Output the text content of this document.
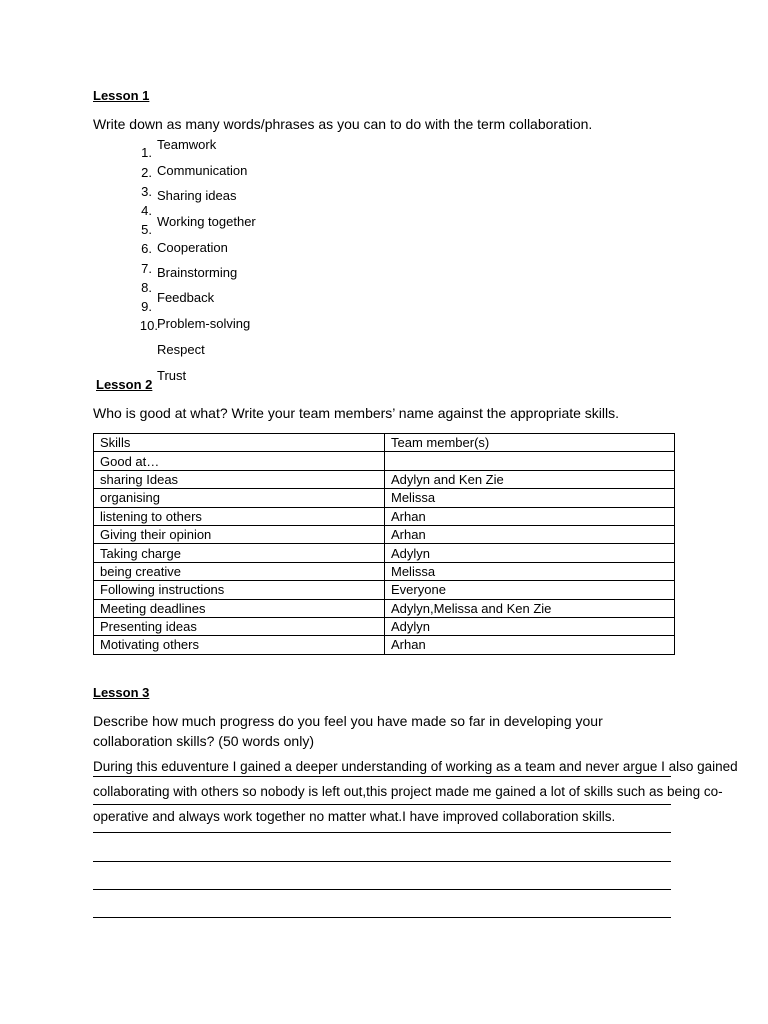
Lesson 1
Write down as many words/phrases as you can to do with the term collaboration.
1.
2.
3.
4.
5.
6.
7.
8.
9.
10.
Teamwork
Communication
Sharing ideas
Working together
Cooperation
Brainstorming
Feedback
Problem-solving
Respect
Trust
Lesson 2
Who is good at what? Write your team members’ name against the appropriate skills.
Skills	Team member(s)
Good at…	
sharing Ideas	Adylyn and Ken Zie
organising	Melissa
listening to others	Arhan
Giving their opinion	Arhan
Taking charge	Adylyn
being creative	Melissa
Following instructions	Everyone
Meeting deadlines	Adylyn,Melissa and Ken Zie
Presenting ideas	Adylyn
Motivating others	Arhan
Lesson 3
Describe how much progress do you feel you have made so far in developing your
collaboration skills? (50 words only)
During this eduventure I gained a deeper understanding of working as a team and never argue I also gained
collaborating with others so nobody is left out,this project made me gained a lot of skills such as being co-
operative and always work together no matter what.I have improved collaboration skills.
